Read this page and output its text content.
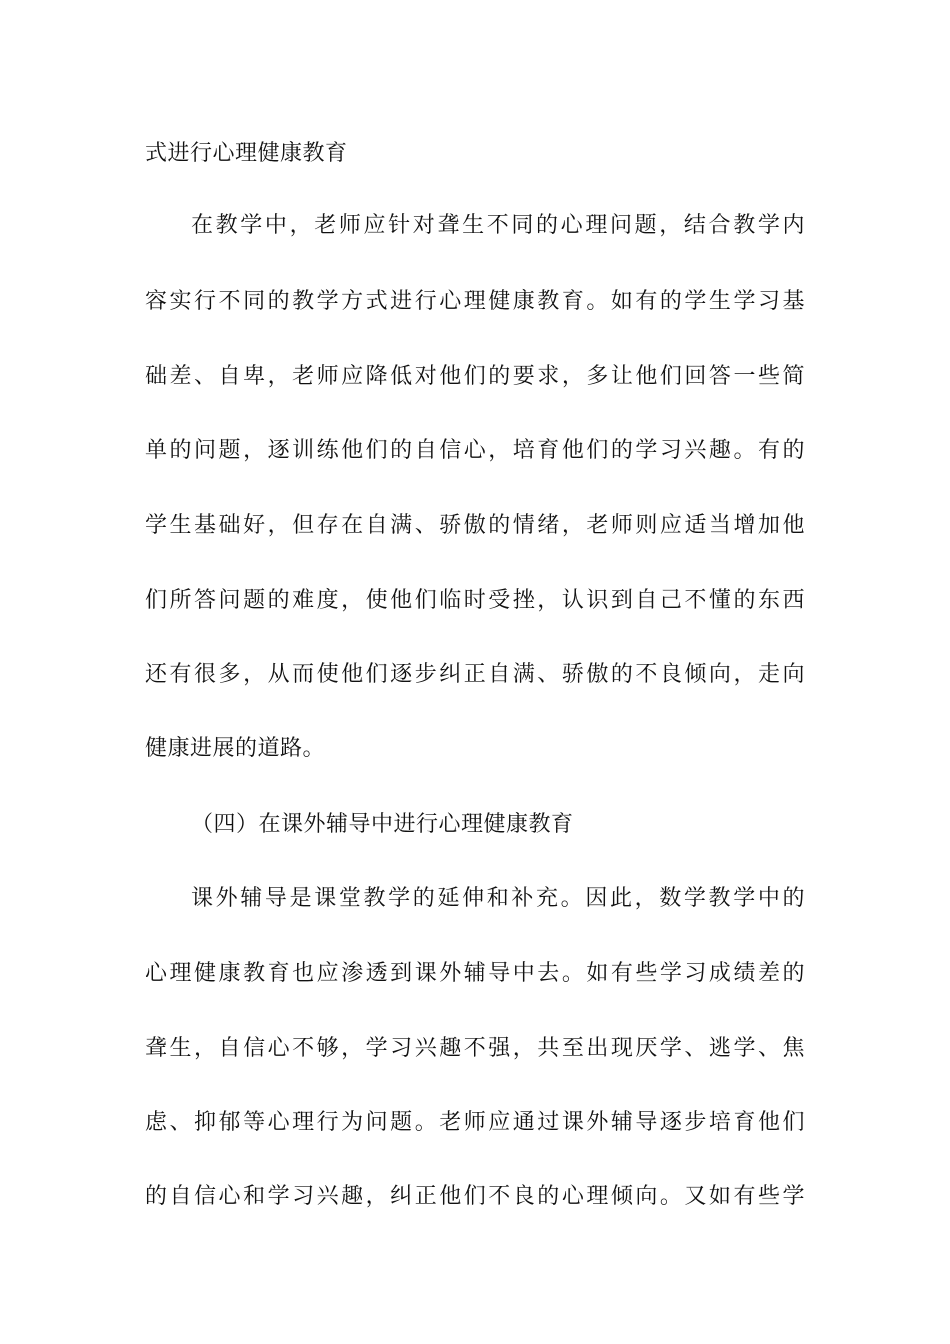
式进行心理健康教育
在教学中，老师应针对聋生不同的心理问题，结合教学内
容实行不同的教学方式进行心理健康教育。如有的学生学习基
础差、自卑，老师应降低对他们的要求，多让他们回答一些简
单的问题，逐训练他们的自信心，培育他们的学习兴趣。有的
学生基础好，但存在自满、骄傲的情绪，老师则应适当增加他
们所答问题的难度，使他们临时受挫，认识到自己不懂的东西
还有很多，从而使他们逐步纠正自满、骄傲的不良倾向，走向
健康进展的道路。
（四）在课外辅导中进行心理健康教育
课外辅导是课堂教学的延伸和补充。因此，数学教学中的
心理健康教育也应渗透到课外辅导中去。如有些学习成绩差的
聋生，自信心不够，学习兴趣不强，共至出现厌学、逃学、焦
虑、抑郁等心理行为问题。老师应通过课外辅导逐步培育他们
的自信心和学习兴趣，纠正他们不良的心理倾向。又如有些学
